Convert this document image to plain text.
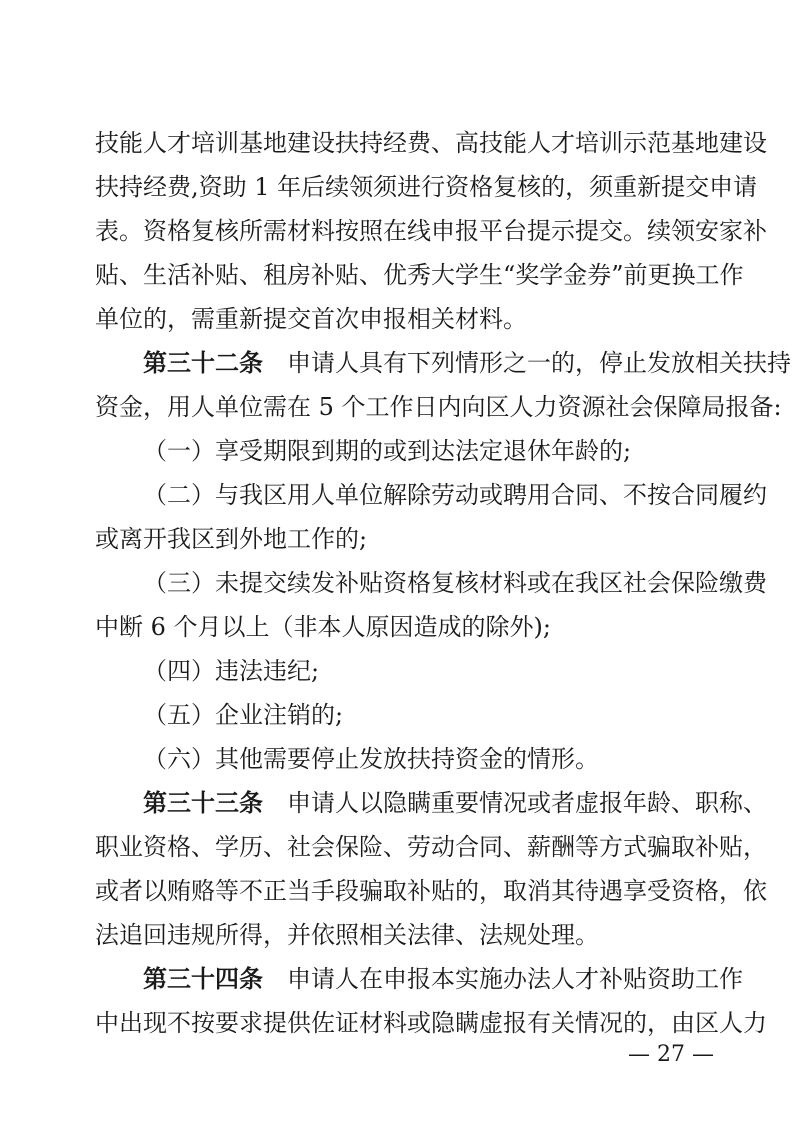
技能人才培训基地建设扶持经费、高技能人才培训示范基地建设
扶持经费,资助 1 年后续领须进行资格复核的，须重新提交申请
表。资格复核所需材料按照在线申报平台提示提交。续领安家补
贴、生活补贴、租房补贴、优秀大学生“奖学金券”前更换工作
单位的，需重新提交首次申报相关材料。
第三十二条 申请人具有下列情形之一的，停止发放相关扶持
资金，用人单位需在 5 个工作日内向区人力资源社会保障局报备:
（一）享受期限到期的或到达法定退休年龄的;
（二）与我区用人单位解除劳动或聘用合同、不按合同履约
或离开我区到外地工作的;
（三）未提交续发补贴资格复核材料或在我区社会保险缴费
中断 6 个月以上（非本人原因造成的除外);
（四）违法违纪;
（五）企业注销的;
（六）其他需要停止发放扶持资金的情形。
第三十三条 申请人以隐瞒重要情况或者虚报年龄、职称、
职业资格、学历、社会保险、劳动合同、薪酬等方式骗取补贴，
或者以贿赂等不正当手段骗取补贴的，取消其待遇享受资格，依
法追回违规所得，并依照相关法律、法规处理。
第三十四条 申请人在申报本实施办法人才补贴资助工作
中出现不按要求提供佐证材料或隐瞒虚报有关情况的，由区人力
— 27 —
